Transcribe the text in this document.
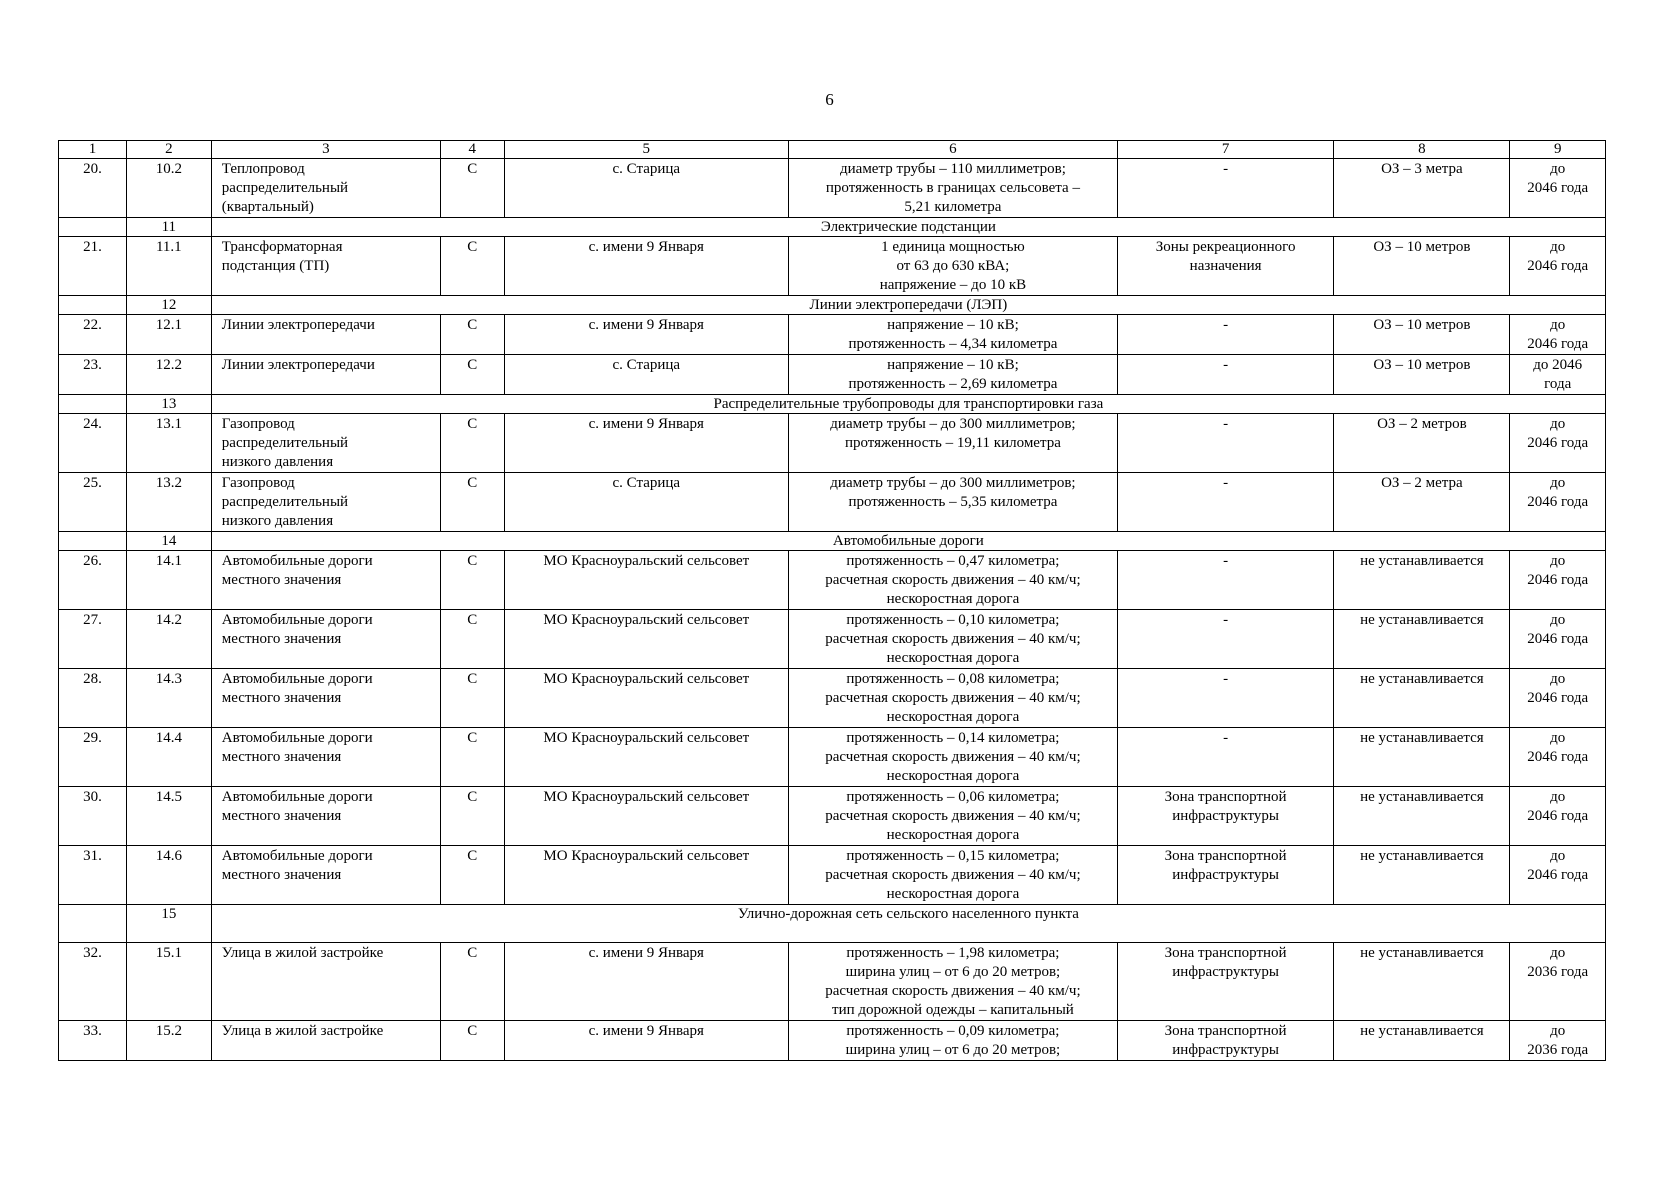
6
1	2	3	4	5	6	7	8	9
20.	10.2	Теплопровод
распределительный
(квартальный)	С	с. Старица	диаметр трубы – 110 миллиметров;
протяженность в границах сельсовета –
5,21 километра	-	ОЗ – 3 метра	до
2046 года
	11	Электрические подстанции						
21.	11.1	Трансформаторная
подстанция (ТП)	С	с. имени 9 Января	1 единица мощностью
от 63 до 630 кВА;
напряжение – до 10 кВ	Зоны рекреационного
назначения	ОЗ – 10 метров	до
2046 года
	12	Линии электропередачи (ЛЭП)						
22.	12.1	Линии электропередачи	С	с. имени 9 Января	напряжение – 10 кВ;
протяженность – 4,34 километра	-	ОЗ – 10 метров	до
2046 года
23.	12.2	Линии электропередачи	С	с. Старица	напряжение – 10 кВ;
протяженность – 2,69 километра	-	ОЗ – 10 метров	до 2046
года
	13	Распределительные трубопроводы для транспортировки газа						
24.	13.1	Газопровод
распределительный
низкого давления	С	с. имени 9 Января	диаметр трубы – до 300 миллиметров;
протяженность – 19,11 километра	-	ОЗ – 2 метров	до
2046 года
25.	13.2	Газопровод
распределительный
низкого давления	С	с. Старица	диаметр трубы – до 300 миллиметров;
протяженность – 5,35 километра	-	ОЗ – 2 метра	до
2046 года
	14	Автомобильные дороги						
26.	14.1	Автомобильные дороги
местного значения	С	МО Красноуральский сельсовет	протяженность – 0,47 километра;
расчетная скорость движения – 40 км/ч;
нескоростная дорога	-	не устанавливается	до
2046 года
27.	14.2	Автомобильные дороги
местного значения	С	МО Красноуральский сельсовет	протяженность – 0,10 километра;
расчетная скорость движения – 40 км/ч;
нескоростная дорога	-	не устанавливается	до
2046 года
28.	14.3	Автомобильные дороги
местного значения	С	МО Красноуральский сельсовет	протяженность – 0,08 километра;
расчетная скорость движения – 40 км/ч;
нескоростная дорога	-	не устанавливается	до
2046 года
29.	14.4	Автомобильные дороги
местного значения	С	МО Красноуральский сельсовет	протяженность – 0,14 километра;
расчетная скорость движения – 40 км/ч;
нескоростная дорога	-	не устанавливается	до
2046 года
30.	14.5	Автомобильные дороги
местного значения	С	МО Красноуральский сельсовет	протяженность – 0,06 километра;
расчетная скорость движения – 40 км/ч;
нескоростная дорога	Зона транспортной
инфраструктуры	не устанавливается	до
2046 года
31.	14.6	Автомобильные дороги
местного значения	С	МО Красноуральский сельсовет	протяженность – 0,15 километра;
расчетная скорость движения – 40 км/ч;
нескоростная дорога	Зона транспортной
инфраструктуры	не устанавливается	до
2046 года
	15	Улично-дорожная сеть сельского населенного пункта						
32.	15.1	Улица в жилой застройке	С	с. имени 9 Января	протяженность – 1,98 километра;
ширина улиц – от 6 до 20 метров;
расчетная скорость движения – 40 км/ч;
тип дорожной одежды – капитальный	Зона транспортной
инфраструктуры	не устанавливается	до
2036 года
33.	15.2	Улица в жилой застройке	С	с. имени 9 Января	протяженность – 0,09 километра;
ширина улиц – от 6 до 20 метров;	Зона транспортной
инфраструктуры	не устанавливается	до
2036 года
